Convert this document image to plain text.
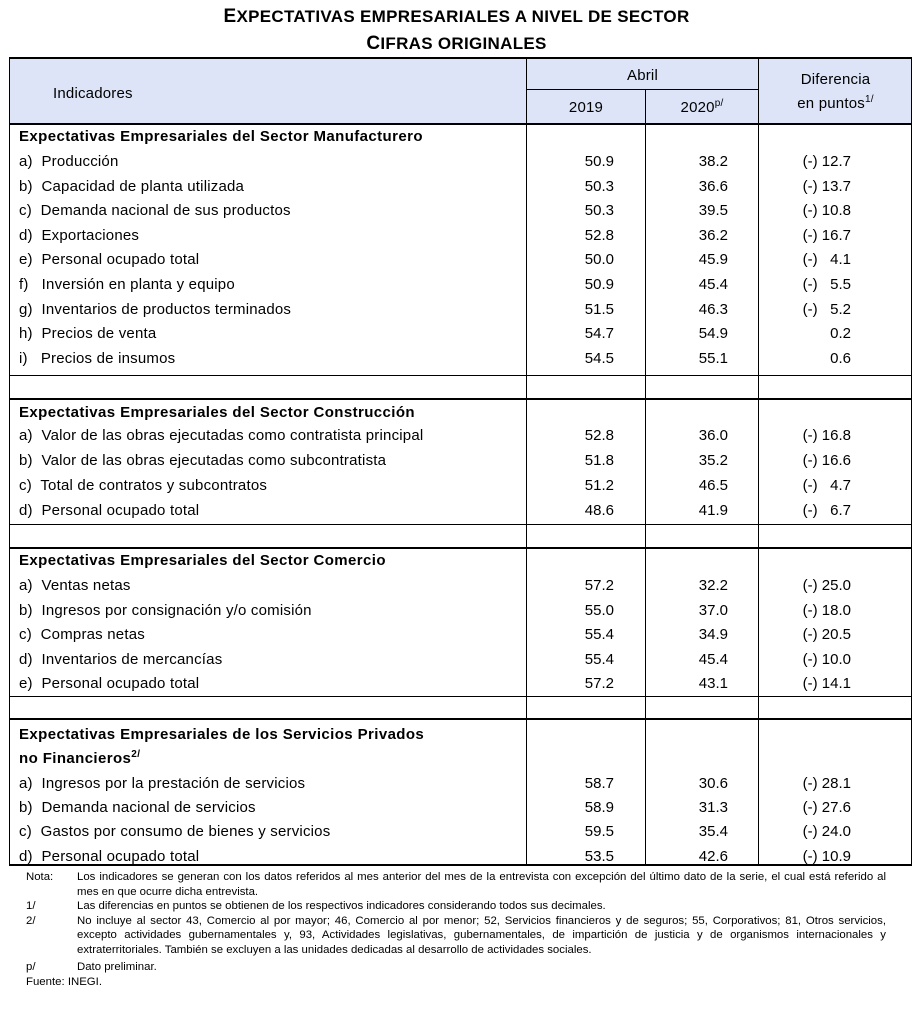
EXPECTATIVAS EMPRESARIALES A NIVEL DE SECTOR
CIFRAS ORIGINALES
Indicadores
Abril
2019	$2020^{p/}$
Diferencia
en puntos$^{1/}$
Expectativas Empresariales del Sector Manufacturero
a)  Producción	50.9	38.2	(-) 12.7
b)  Capacidad de planta utilizada	50.3	36.6	(-) 13.7
c)  Demanda nacional de sus productos	50.3	39.5	(-) 10.8
d)  Exportaciones	52.8	36.2	(-) 16.7
e)  Personal ocupado total	50.0	45.9	(-)   4.1
f)   Inversión en planta y equipo	50.9	45.4	(-)   5.5
g)  Inventarios de productos terminados	51.5	46.3	(-)   5.2
h)  Precios de venta	54.7	54.9	0.2
i)   Precios de insumos	54.5	55.1	0.6
Expectativas Empresariales del Sector Construcción
a)  Valor de las obras ejecutadas como contratista principal	52.8	36.0	(-) 16.8
b)  Valor de las obras ejecutadas como subcontratista	51.8	35.2	(-) 16.6
c)  Total de contratos y subcontratos	51.2	46.5	(-)   4.7
d)  Personal ocupado total	48.6	41.9	(-)   6.7
Expectativas Empresariales del Sector Comercio
a)  Ventas netas	57.2	32.2	(-) 25.0
b)  Ingresos por consignación y/o comisión	55.0	37.0	(-) 18.0
c)  Compras netas	55.4	34.9	(-) 20.5
d)  Inventarios de mercancías	55.4	45.4	(-) 10.0
e)  Personal ocupado total	57.2	43.1	(-) 14.1
Expectativas Empresariales de los Servicios Privados
no Financieros$^{2/}$
a)  Ingresos por la prestación de servicios	58.7	30.6	(-) 28.1
b)  Demanda nacional de servicios	58.9	31.3	(-) 27.6
c)  Gastos por consumo de bienes y servicios	59.5	35.4	(-) 24.0
d)  Personal ocupado total	53.5	42.6	(-) 10.9
Nota: Los indicadores se generan con los datos referidos al mes anterior del mes de la entrevista con excepción del último dato de la serie, el cual está referido al mes en que ocurre dicha entrevista.
1/	Las diferencias en puntos se obtienen de los respectivos indicadores considerando todos sus decimales.
2/	No incluye al sector 43, Comercio al por mayor; 46, Comercio al por menor; 52, Servicios financieros y de seguros; 55, Corporativos; 81, Otros servicios, excepto actividades gubernamentales y, 93, Actividades legislativas, gubernamentales, de impartición de justicia y de organismos internacionales y extraterritoriales. También se excluyen a las unidades dedicadas al desarrollo de actividades sociales.
p/	Dato preliminar.
Fuente: INEGI.
